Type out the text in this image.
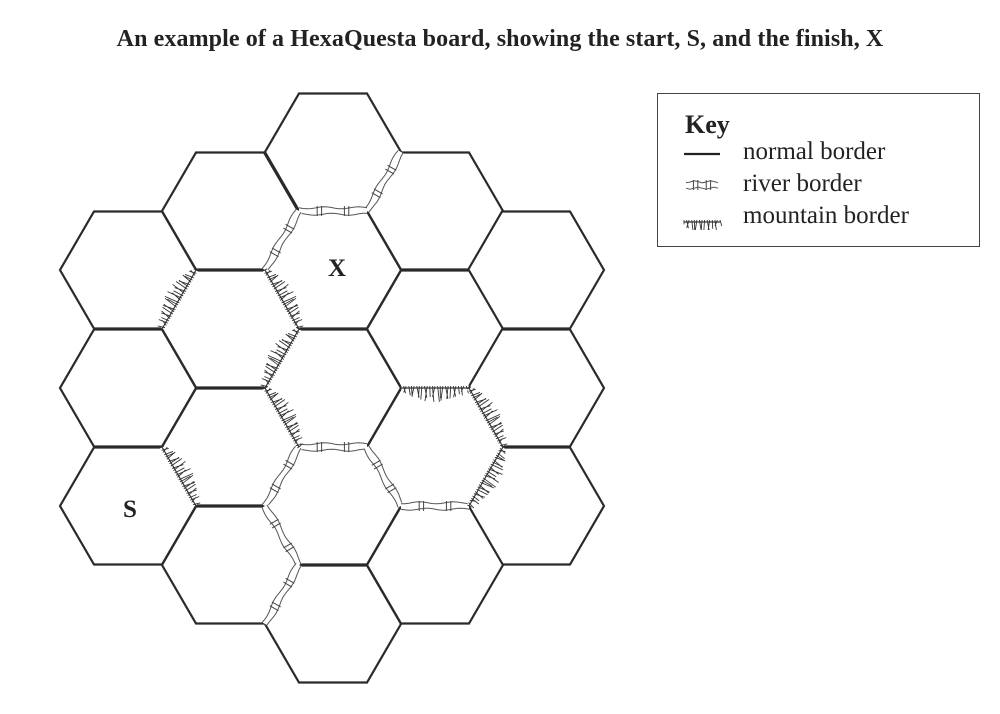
An example of a HexaQuesta board, showing the start, S, and the finish, X
X
S
Key
normal border
river border
mountain border
